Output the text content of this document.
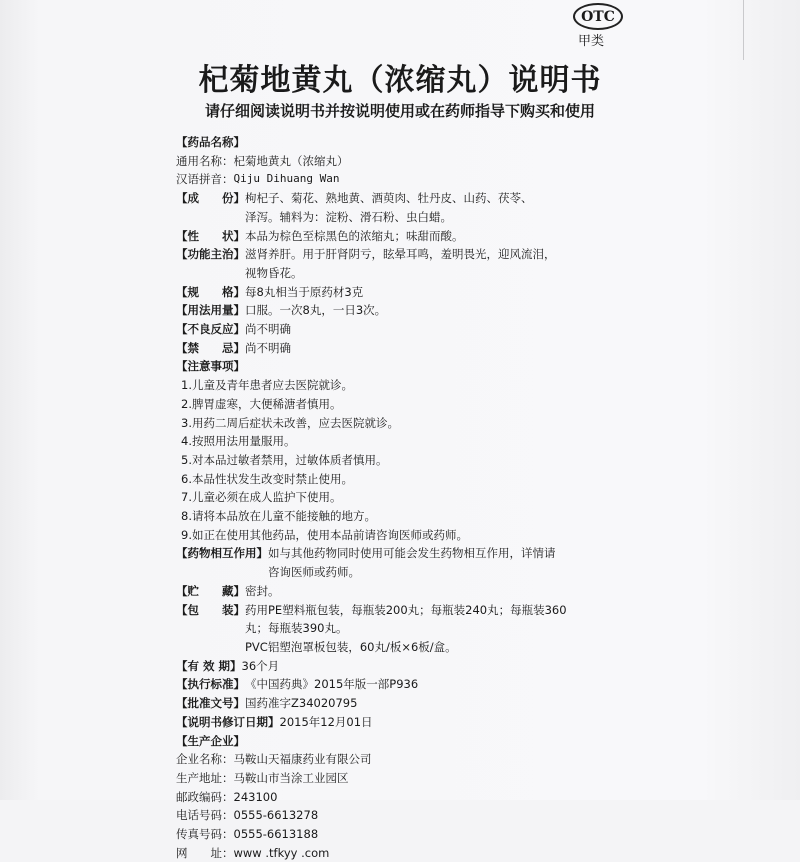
OTC
甲类
杞菊地黄丸（浓缩丸）说明书
请仔细阅读说明书并按说明使用或在药师指导下购买和使用
【药品名称】
通用名称： 杞菊地黄丸（浓缩丸）
汉语拼音： Qiju Dihuang Wan
【成　　份】 枸杞子、菊花、熟地黄、酒萸肉、牡丹皮、山药、茯苓、
泽泻。辅料为：淀粉、滑石粉、虫白蜡。
【性　　状】 本品为棕色至棕黑色的浓缩丸；味甜而酸。
【功能主治】 滋肾养肝。用于肝肾阴亏，眩晕耳鸣，羞明畏光，迎风流泪，
视物昏花。
【规　　格】 每8丸相当于原药材3克
【用法用量】 口服。一次8丸，一日3次。
【不良反应】 尚不明确
【禁　　忌】 尚不明确
【注意事项】
1.儿童及青年患者应去医院就诊。
2.脾胃虚寒，大便稀溏者慎用。
3.用药二周后症状未改善，应去医院就诊。
4.按照用法用量服用。
5.对本品过敏者禁用，过敏体质者慎用。
6.本品性状发生改变时禁止使用。
7.儿童必须在成人监护下使用。
8.请将本品放在儿童不能接触的地方。
9.如正在使用其他药品，使用本品前请咨询医师或药师。
【药物相互作用】 如与其他药物同时使用可能会发生药物相互作用，详情请
咨询医师或药师。
【贮　　藏】 密封。
【包　　装】 药用PE塑料瓶包装，每瓶装200丸；每瓶装240丸；每瓶装360
丸；每瓶装390丸。
PVC铝塑泡罩板包装，60丸/板×6板/盒。
【有 效 期】 36个月
【执行标准】 《中国药典》2015年版一部P936
【批准文号】 国药准字Z34020795
【说明书修订日期】 2015年12月01日
【生产企业】
企业名称： 马鞍山天福康药业有限公司
生产地址： 马鞍山市当涂工业园区
邮政编码： 243100
电话号码： 0555-6613278
传真号码： 0555-6613188
网　　址： www .tfkyy .com
